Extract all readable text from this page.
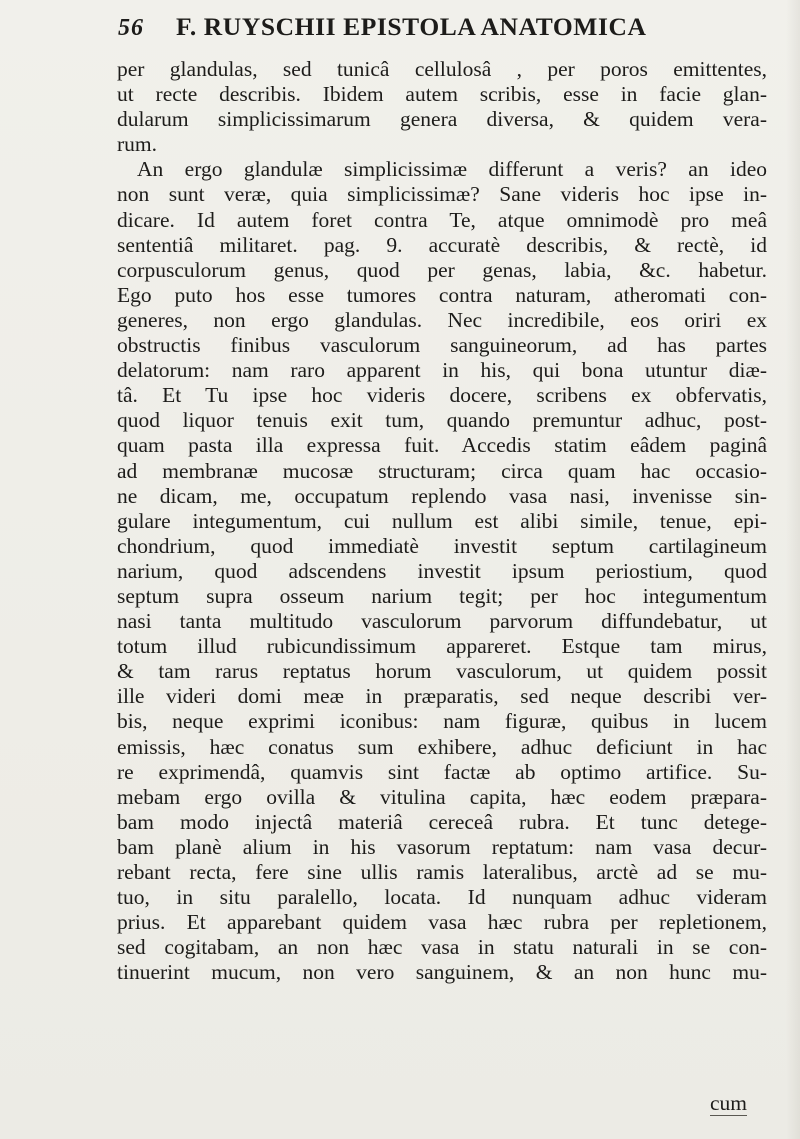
56	F. RUYSCHII EPISTOLA ANATOMICA
per glandulas, sed tunicâ cellulosâ , per poros emittentes,
ut recte describis. Ibidem autem scribis, esse in facie glan-
dularum simplicissimarum genera diversa, & quidem vera-
rum.
An ergo glandulæ simplicissimæ differunt a veris? an ideo
non sunt veræ, quia simplicissimæ? Sane videris hoc ipse in-
dicare. Id autem foret contra Te, atque omnimodè pro meâ
sententiâ militaret. pag. 9. accuratè describis, & rectè, id
corpusculorum genus, quod per genas, labia, &c. habetur.
Ego puto hos esse tumores contra naturam, atheromati con-
generes, non ergo glandulas. Nec incredibile, eos oriri ex
obstructis finibus vasculorum sanguineorum, ad has partes
delatorum: nam raro apparent in his, qui bona utuntur diæ-
tâ. Et Tu ipse hoc videris docere, scribens ex obfervatis,
quod liquor tenuis exit tum, quando premuntur adhuc, post-
quam pasta illa expressa fuit. Accedis statim eâdem paginâ
ad membranæ mucosæ structuram; circa quam hac occasio-
ne dicam, me, occupatum replendo vasa nasi, invenisse sin-
gulare integumentum, cui nullum est alibi simile, tenue, epi-
chondrium, quod immediatè investit septum cartilagineum
narium, quod adscendens investit ipsum periostium, quod
septum supra osseum narium tegit; per hoc integumentum
nasi tanta multitudo vasculorum parvorum diffundebatur, ut
totum illud rubicundissimum appareret. Estque tam mirus,
& tam rarus reptatus horum vasculorum, ut quidem possit
ille videri domi meæ in præparatis, sed neque describi ver-
bis, neque exprimi iconibus: nam figuræ, quibus in lucem
emissis, hæc conatus sum exhibere, adhuc deficiunt in hac
re exprimendâ, quamvis sint factæ ab optimo artifice. Su-
mebam ergo ovilla & vitulina capita, hæc eodem præpara-
bam modo injectâ materiâ cereceâ rubra. Et tunc detege-
bam planè alium in his vasorum reptatum: nam vasa decur-
rebant recta, fere sine ullis ramis lateralibus, arctè ad se mu-
tuo, in situ paralello, locata. Id nunquam adhuc videram
prius. Et apparebant quidem vasa hæc rubra per repletionem,
sed cogitabam, an non hæc vasa in statu naturali in se con-
tinuerint mucum, non vero sanguinem, & an non hunc mu-
cum
